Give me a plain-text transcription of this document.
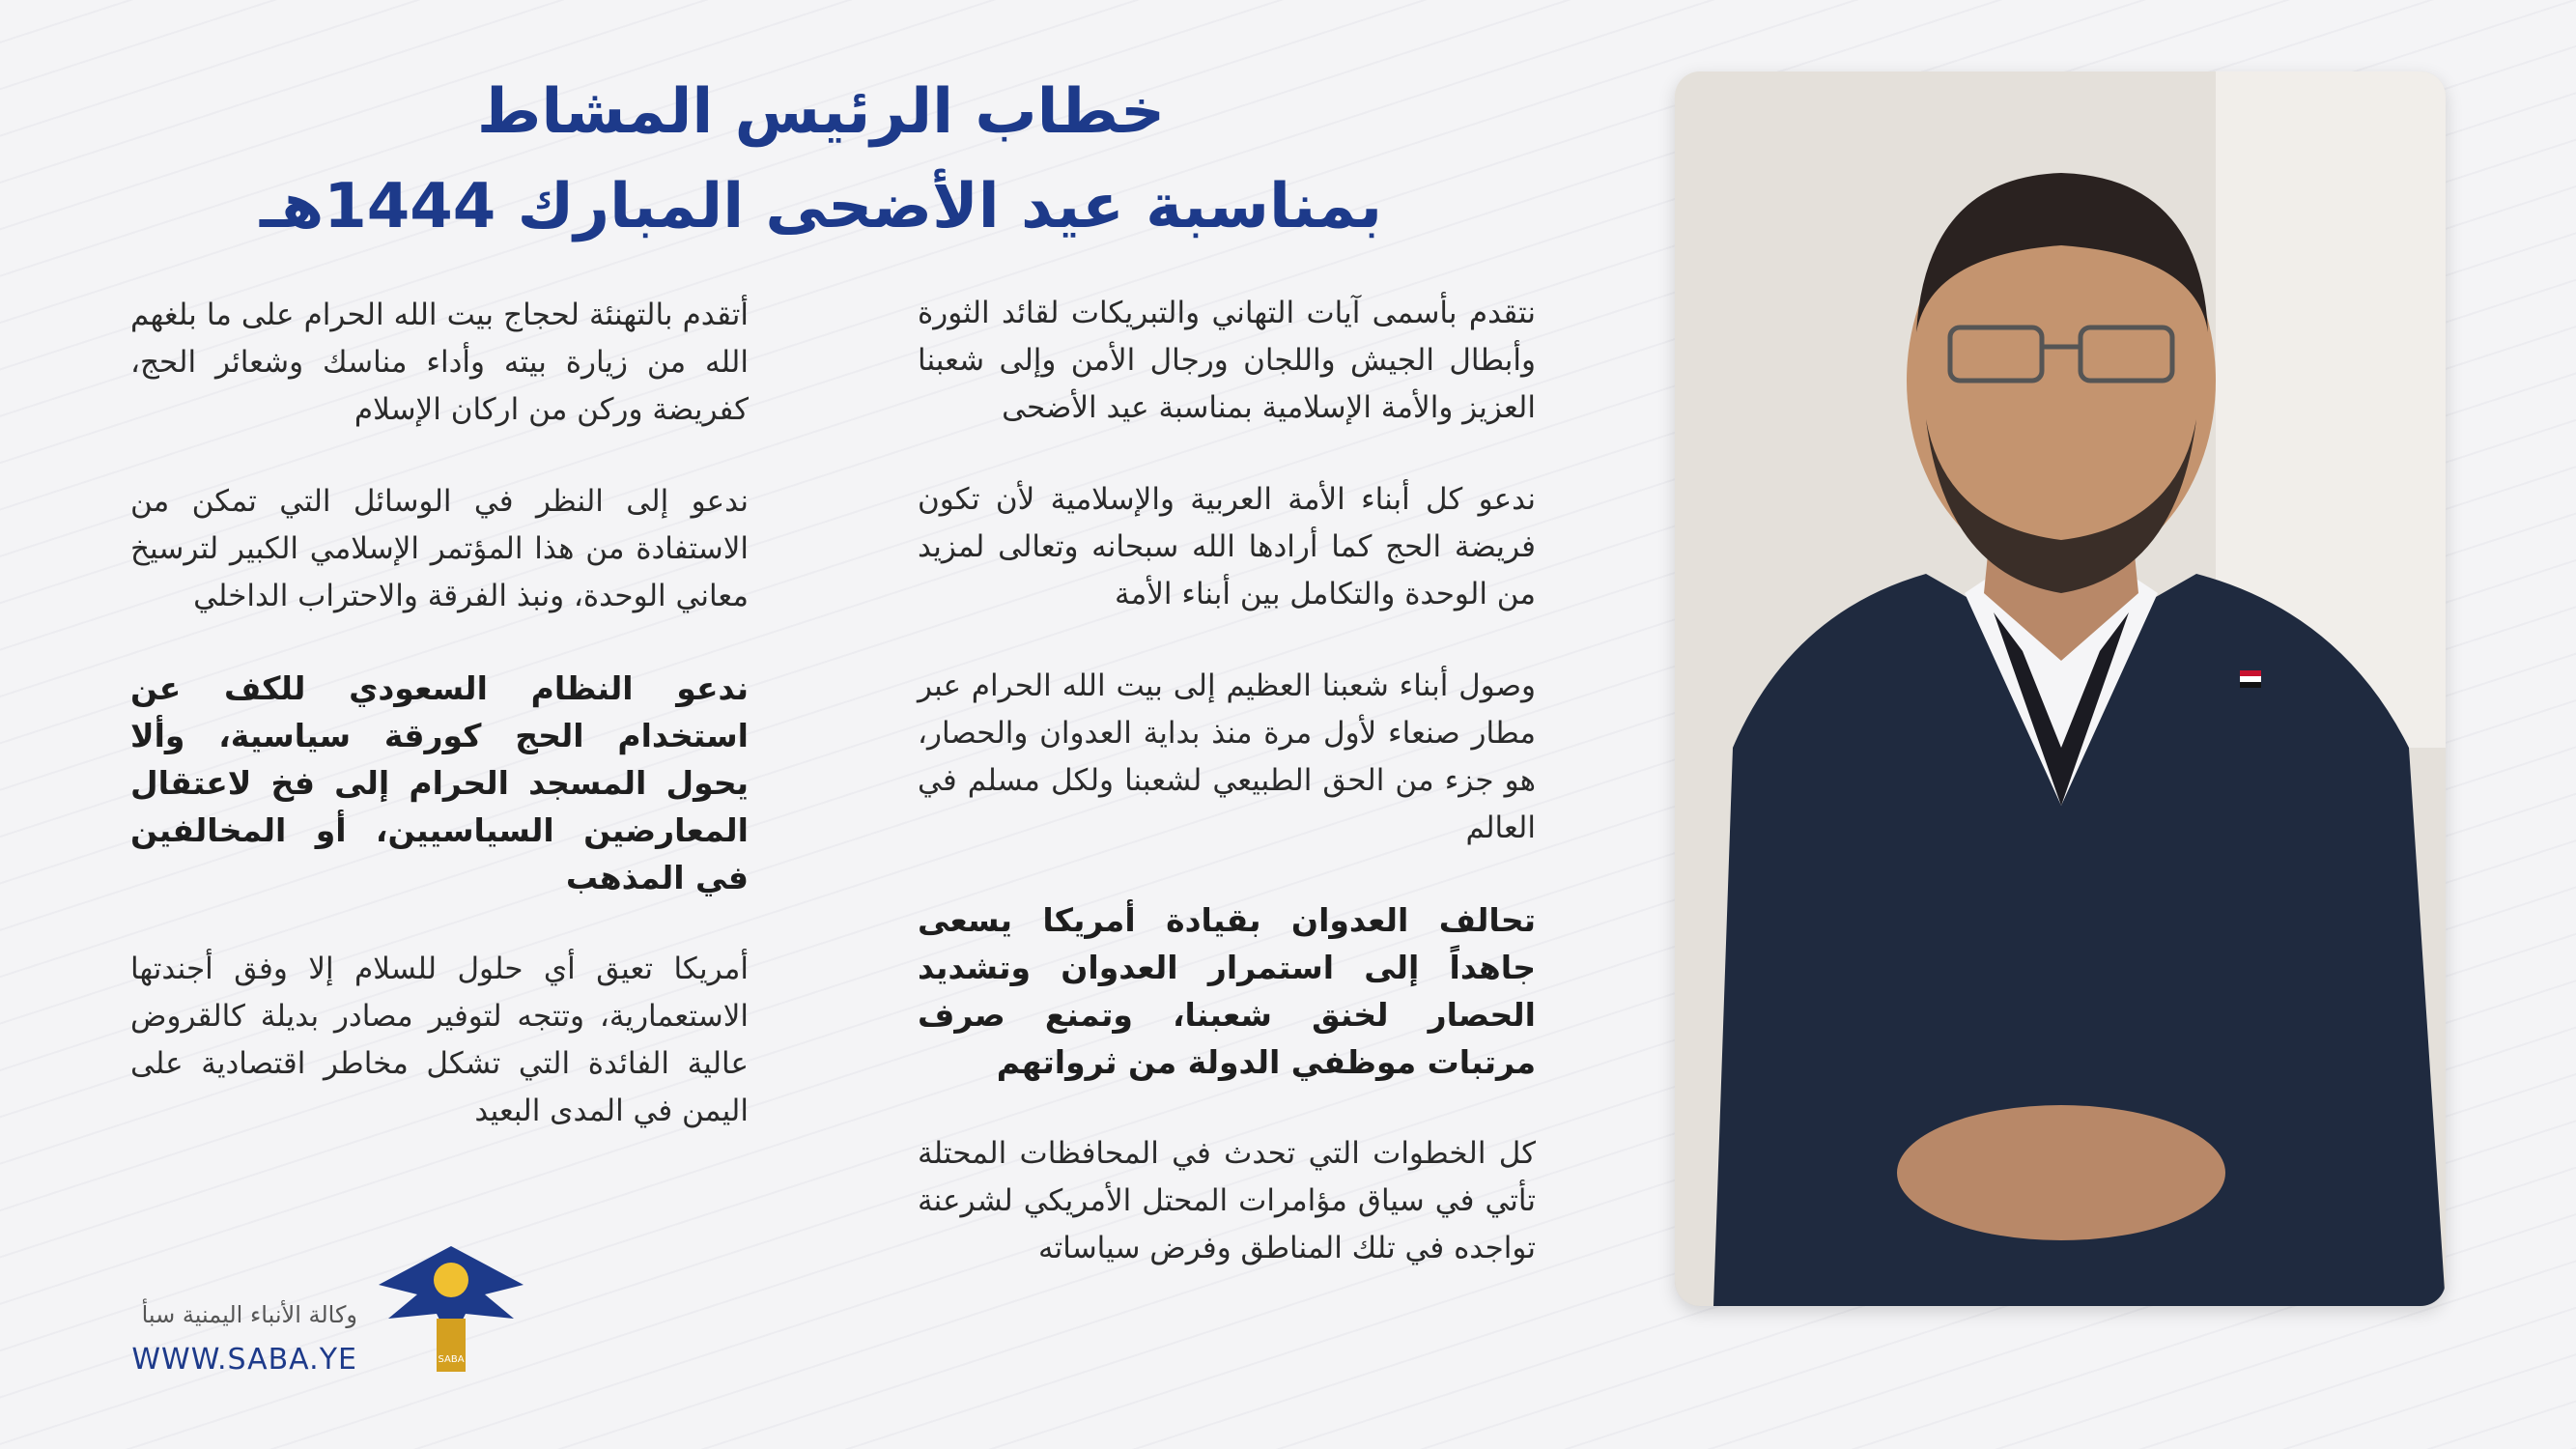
خطاب الرئيس المشاط
بمناسبة عيد الأضحى المبارك 1444هـ

نتقدم بأسمى آيات التهاني والتبريكات لقائد الثورة وأبطال الجيش واللجان ورجال الأمن وإلى شعبنا العزيز والأمة الإسلامية بمناسبة عيد الأضحى

ندعو كل أبناء الأمة العربية والإسلامية لأن تكون فريضة الحج كما أرادها الله سبحانه وتعالى لمزيد من الوحدة والتكامل بين أبناء الأمة

وصول أبناء شعبنا العظيم إلى بيت الله الحرام عبر مطار صنعاء لأول مرة منذ بداية العدوان والحصار، هو جزء من الحق الطبيعي لشعبنا ولكل مسلم في العالم

تحالف العدوان بقيادة أمريكا يسعى جاهداً إلى استمرار العدوان وتشديد الحصار لخنق شعبنا، وتمنع صرف مرتبات موظفي الدولة من ثرواتهم

كل الخطوات التي تحدث في المحافظات المحتلة تأتي في سياق مؤامرات المحتل الأمريكي لشرعنة تواجده في تلك المناطق وفرض سياساته

أتقدم بالتهنئة لحجاج بيت الله الحرام على ما بلغهم الله من زيارة بيته وأداء مناسك وشعائر الحج، كفريضة وركن من اركان الإسلام

ندعو إلى النظر في الوسائل التي تمكن من الاستفادة من هذا المؤتمر الإسلامي الكبير لترسيخ معاني الوحدة، ونبذ الفرقة والاحتراب الداخلي

ندعو النظام السعودي للكف عن استخدام الحج كورقة سياسية، وألا يحول المسجد الحرام إلى فخ لاعتقال المعارضين السياسيين، أو المخالفين في المذهب

أمريكا تعيق أي حلول للسلام إلا وفق أجندتها الاستعمارية، وتتجه لتوفير مصادر بديلة كالقروض عالية الفائدة التي تشكل مخاطر اقتصادية على اليمن في المدى البعيد

SABA
وكالة الأنباء اليمنية سبأ
WWW.SABA.YE
